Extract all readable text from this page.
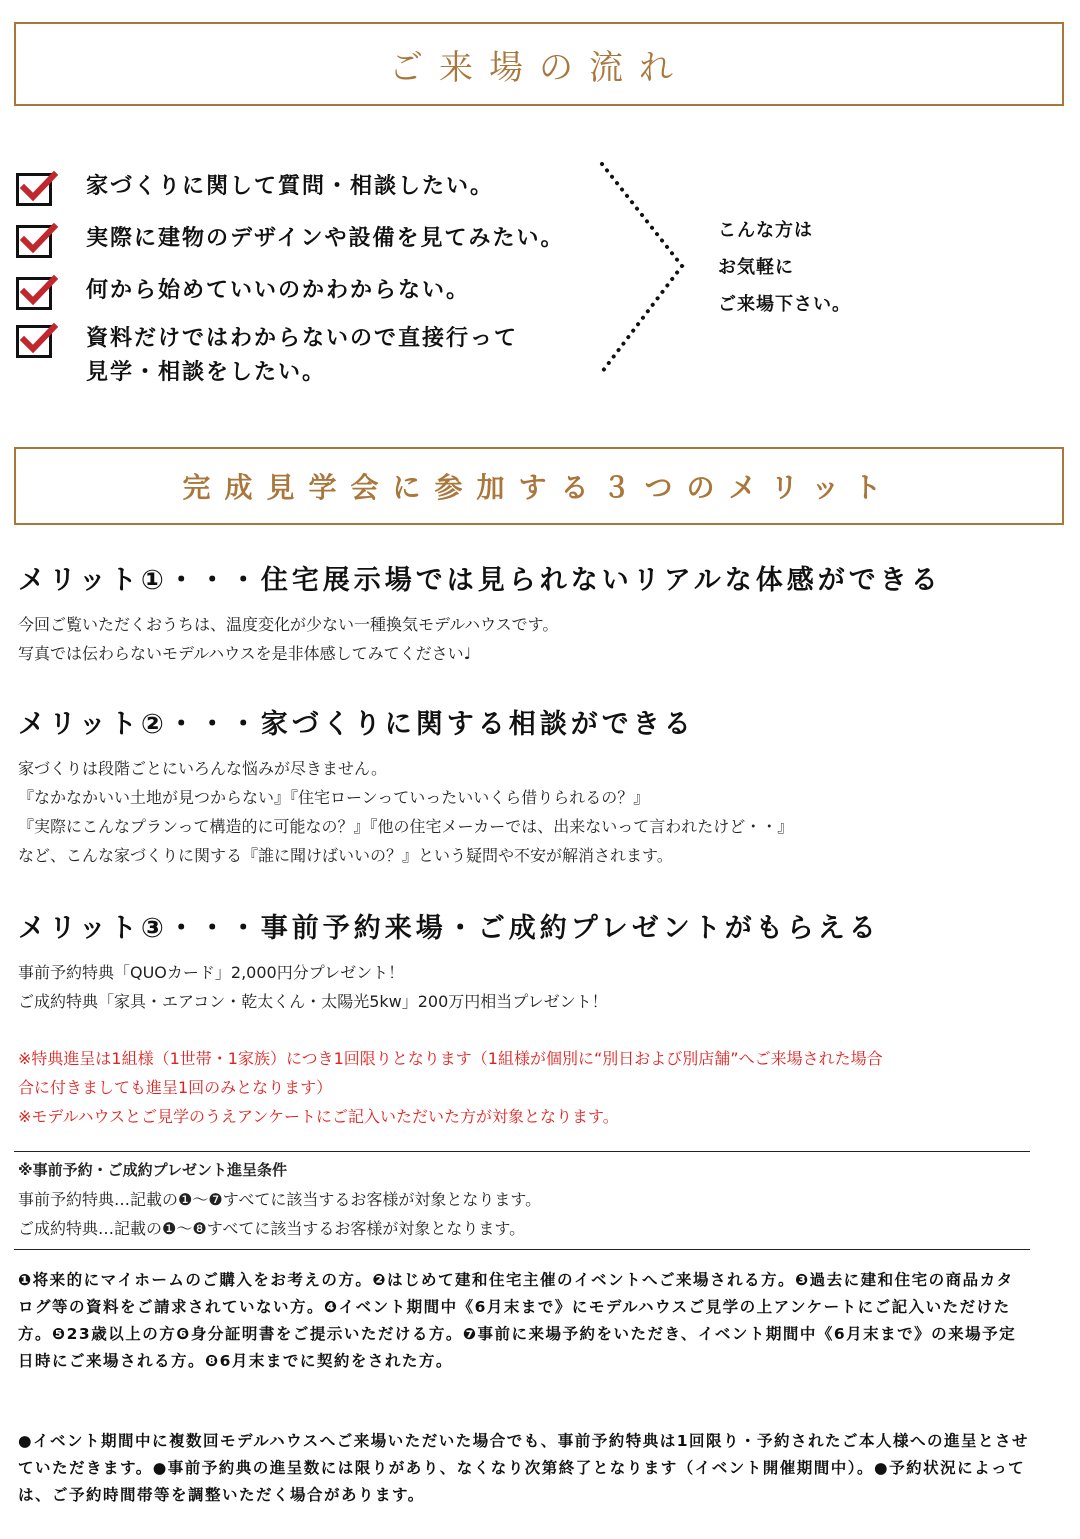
ご来場の流れ
家づくりに関して質問・相談したい。
実際に建物のデザインや設備を見てみたい。
何から始めていいのかわからない。
資料だけではわからないので直接行って
見学・相談をしたい。
こんな方は
お気軽に
ご来場下さい。
完成見学会に参加する３つのメリット
メリット①・・・住宅展示場では見られないリアルな体感ができる
今回ご覧いただくおうちは、温度変化が少ない一種換気モデルハウスです。
写真では伝わらないモデルハウスを是非体感してみてください♩
メリット②・・・家づくりに関する相談ができる
家づくりは段階ごとにいろんな悩みが尽きません。
『なかなかいい土地が見つからない』『住宅ローンっていったいいくら借りられるの？』
『実際にこんなプランって構造的に可能なの？』『他の住宅メーカーでは、出来ないって言われたけど・・』
など、こんな家づくりに関する『誰に聞けばいいの？』という疑問や不安が解消されます。
メリット③・・・事前予約来場・ご成約プレゼントがもらえる
事前予約特典「QUOカード」2,000円分プレゼント！
ご成約特典「家具・エアコン・乾太くん・太陽光5kw」200万円相当プレゼント！
※特典進呈は1組様（1世帯・1家族）につき1回限りとなります（1組様が個別に“別日および別店舗”へご来場された場合
合に付きましても進呈1回のみとなります）
※モデルハウスとご見学のうえアンケートにご記入いただいた方が対象となります。
※事前予約・ご成約プレゼント進呈条件
事前予約特典…記載の❶〜❼すべてに該当するお客様が対象となります。
ご成約特典…記載の❶〜❽すべてに該当するお客様が対象となります。
❶将来的にマイホームのご購入をお考えの方。❷はじめて建和住宅主催のイベントへご来場される方。❸過去に建和住宅の商品カタログ等の資料をご請求されていない方。❹イベント期間中《6月末まで》にモデルハウスご見学の上アンケートにご記入いただけた方。❺23歳以上の方❻身分証明書をご提示いただける方。❼事前に来場予約をいただき、イベント期間中《6月末まで》の来場予定日時にご来場される方。❽6月末までに契約をされた方。
●イベント期間中に複数回モデルハウスへご来場いただいた場合でも、事前予約特典は1回限り・予約されたご本人様への進呈とさせていただきます。●事前予約典の進呈数には限りがあり、なくなり次第終了となります（イベント開催期間中）。●予約状況によっては、ご予約時間帯等を調整いただく場合があります。
